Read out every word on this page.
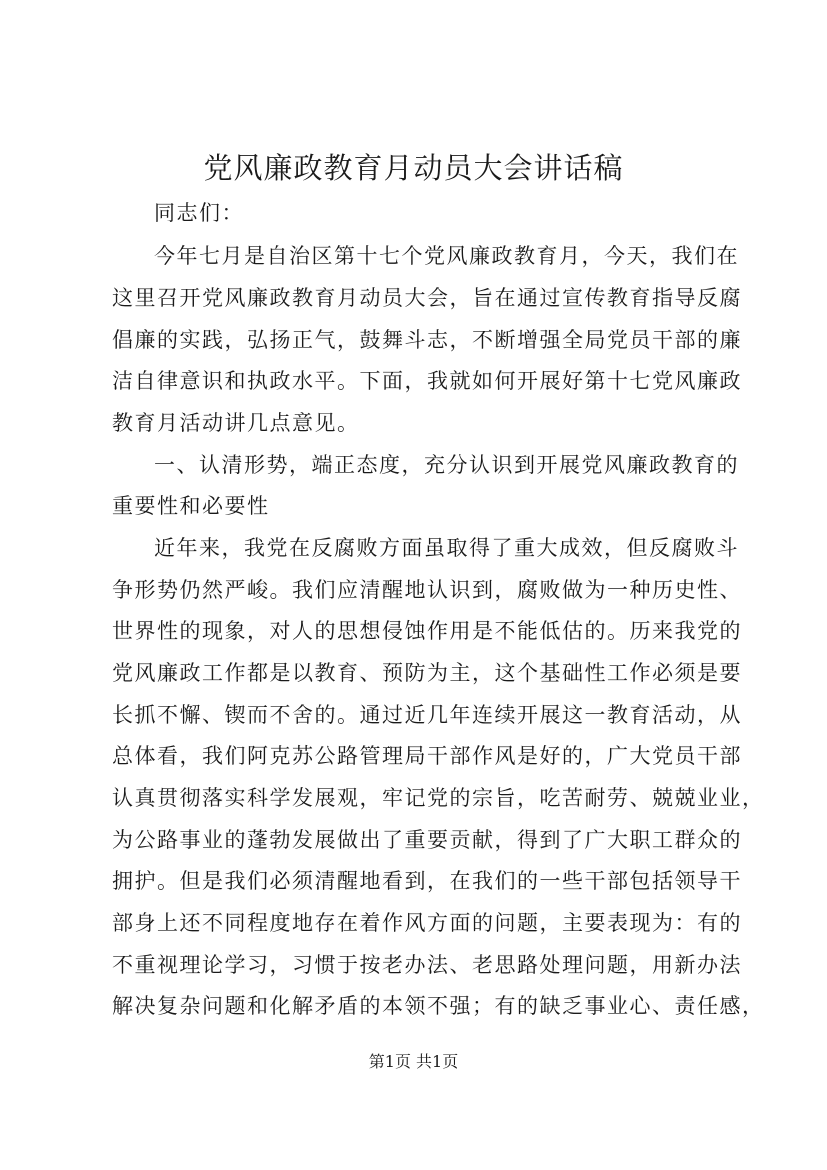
党风廉政教育月动员大会讲话稿
同志们：
今年七月是自治区第十七个党风廉政教育月，今天，我们在
这里召开党风廉政教育月动员大会，旨在通过宣传教育指导反腐
倡廉的实践，弘扬正气，鼓舞斗志，不断增强全局党员干部的廉
洁自律意识和执政水平。下面，我就如何开展好第十七党风廉政
教育月活动讲几点意见。
一、认清形势，端正态度，充分认识到开展党风廉政教育的
重要性和必要性
近年来，我党在反腐败方面虽取得了重大成效，但反腐败斗
争形势仍然严峻。我们应清醒地认识到，腐败做为一种历史性、
世界性的现象，对人的思想侵蚀作用是不能低估的。历来我党的
党风廉政工作都是以教育、预防为主，这个基础性工作必须是要
长抓不懈、锲而不舍的。通过近几年连续开展这一教育活动，从
总体看，我们阿克苏公路管理局干部作风是好的，广大党员干部
认真贯彻落实科学发展观，牢记党的宗旨，吃苦耐劳、兢兢业业，
为公路事业的蓬勃发展做出了重要贡献，得到了广大职工群众的
拥护。但是我们必须清醒地看到，在我们的一些干部包括领导干
部身上还不同程度地存在着作风方面的问题，主要表现为：有的
不重视理论学习，习惯于按老办法、老思路处理问题，用新办法
解决复杂问题和化解矛盾的本领不强；有的缺乏事业心、责任感，
第1页 共1页
